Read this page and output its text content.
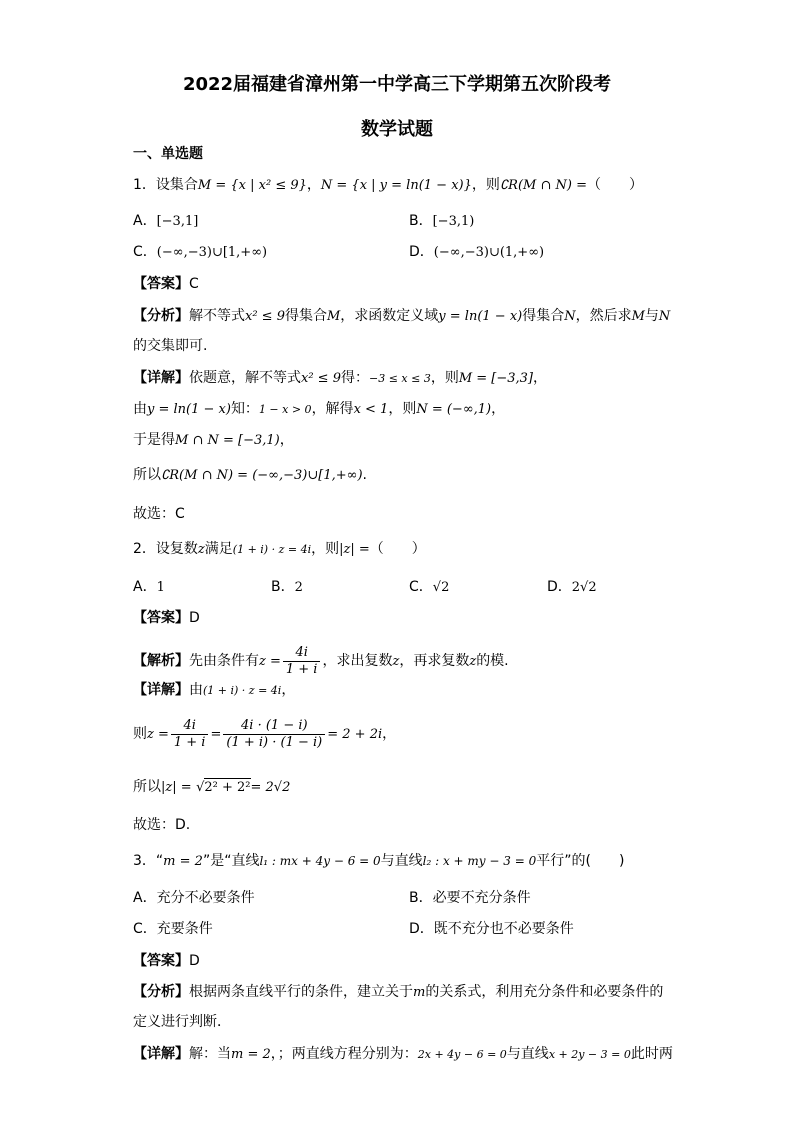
2022届福建省漳州第一中学高三下学期第五次阶段考
数学试题
一、单选题
1．设集合M = {x | x² ≤ 9}，N = {x | y = ln(1 − x)}，则∁R(M ∩ N) =（　　）
A．[−3,1]	B．[−3,1)
C．(−∞,−3)∪[1,+∞)	D．(−∞,−3)∪(1,+∞)
【答案】C
【分析】解不等式x² ≤ 9得集合M，求函数定义域y = ln(1 − x)得集合N，然后求M与N
的交集即可.
【详解】依题意，解不等式x² ≤ 9得：−3 ≤ x ≤ 3，则M = [−3,3]，
由y = ln(1 − x)知：1 − x > 0，解得x < 1，则N = (−∞,1)，
于是得M ∩ N = [−3,1)，
所以∁R(M ∩ N) = (−∞,−3)∪[1,+∞).
故选：C
2．设复数z满足(1 + i) · z = 4i，则|z| =（　　）
A．1	B．2	C．√2	D．2√2
【答案】D
【解析】先由条件有$z = \frac{4i}{1 + i}$ ，求出复数z，再求复数z的模.
【详解】由(1 + i) · z = 4i，
则$z = \frac{4i}{1 + i} = \frac{4i \cdot (1 - i)}{(1 + i) \cdot (1 - i)} = 2 + 2i$，
所以|z| = √2² + 2²= 2√2
故选：D.
3．“m = 2”是“直线l₁ : mx + 4y − 6 = 0与直线l₂ : x + my − 3 = 0平行”的(　　)
A．充分不必要条件	B．必要不充分条件
C．充要条件	D．既不充分也不必要条件
【答案】D
【分析】根据两条直线平行的条件，建立关于m的关系式，利用充分条件和必要条件的
定义进行判断．
【详解】解：当m = 2，；两直线方程分别为：2x + 4y − 6 = 0与直线x + 2y − 3 = 0此时两
